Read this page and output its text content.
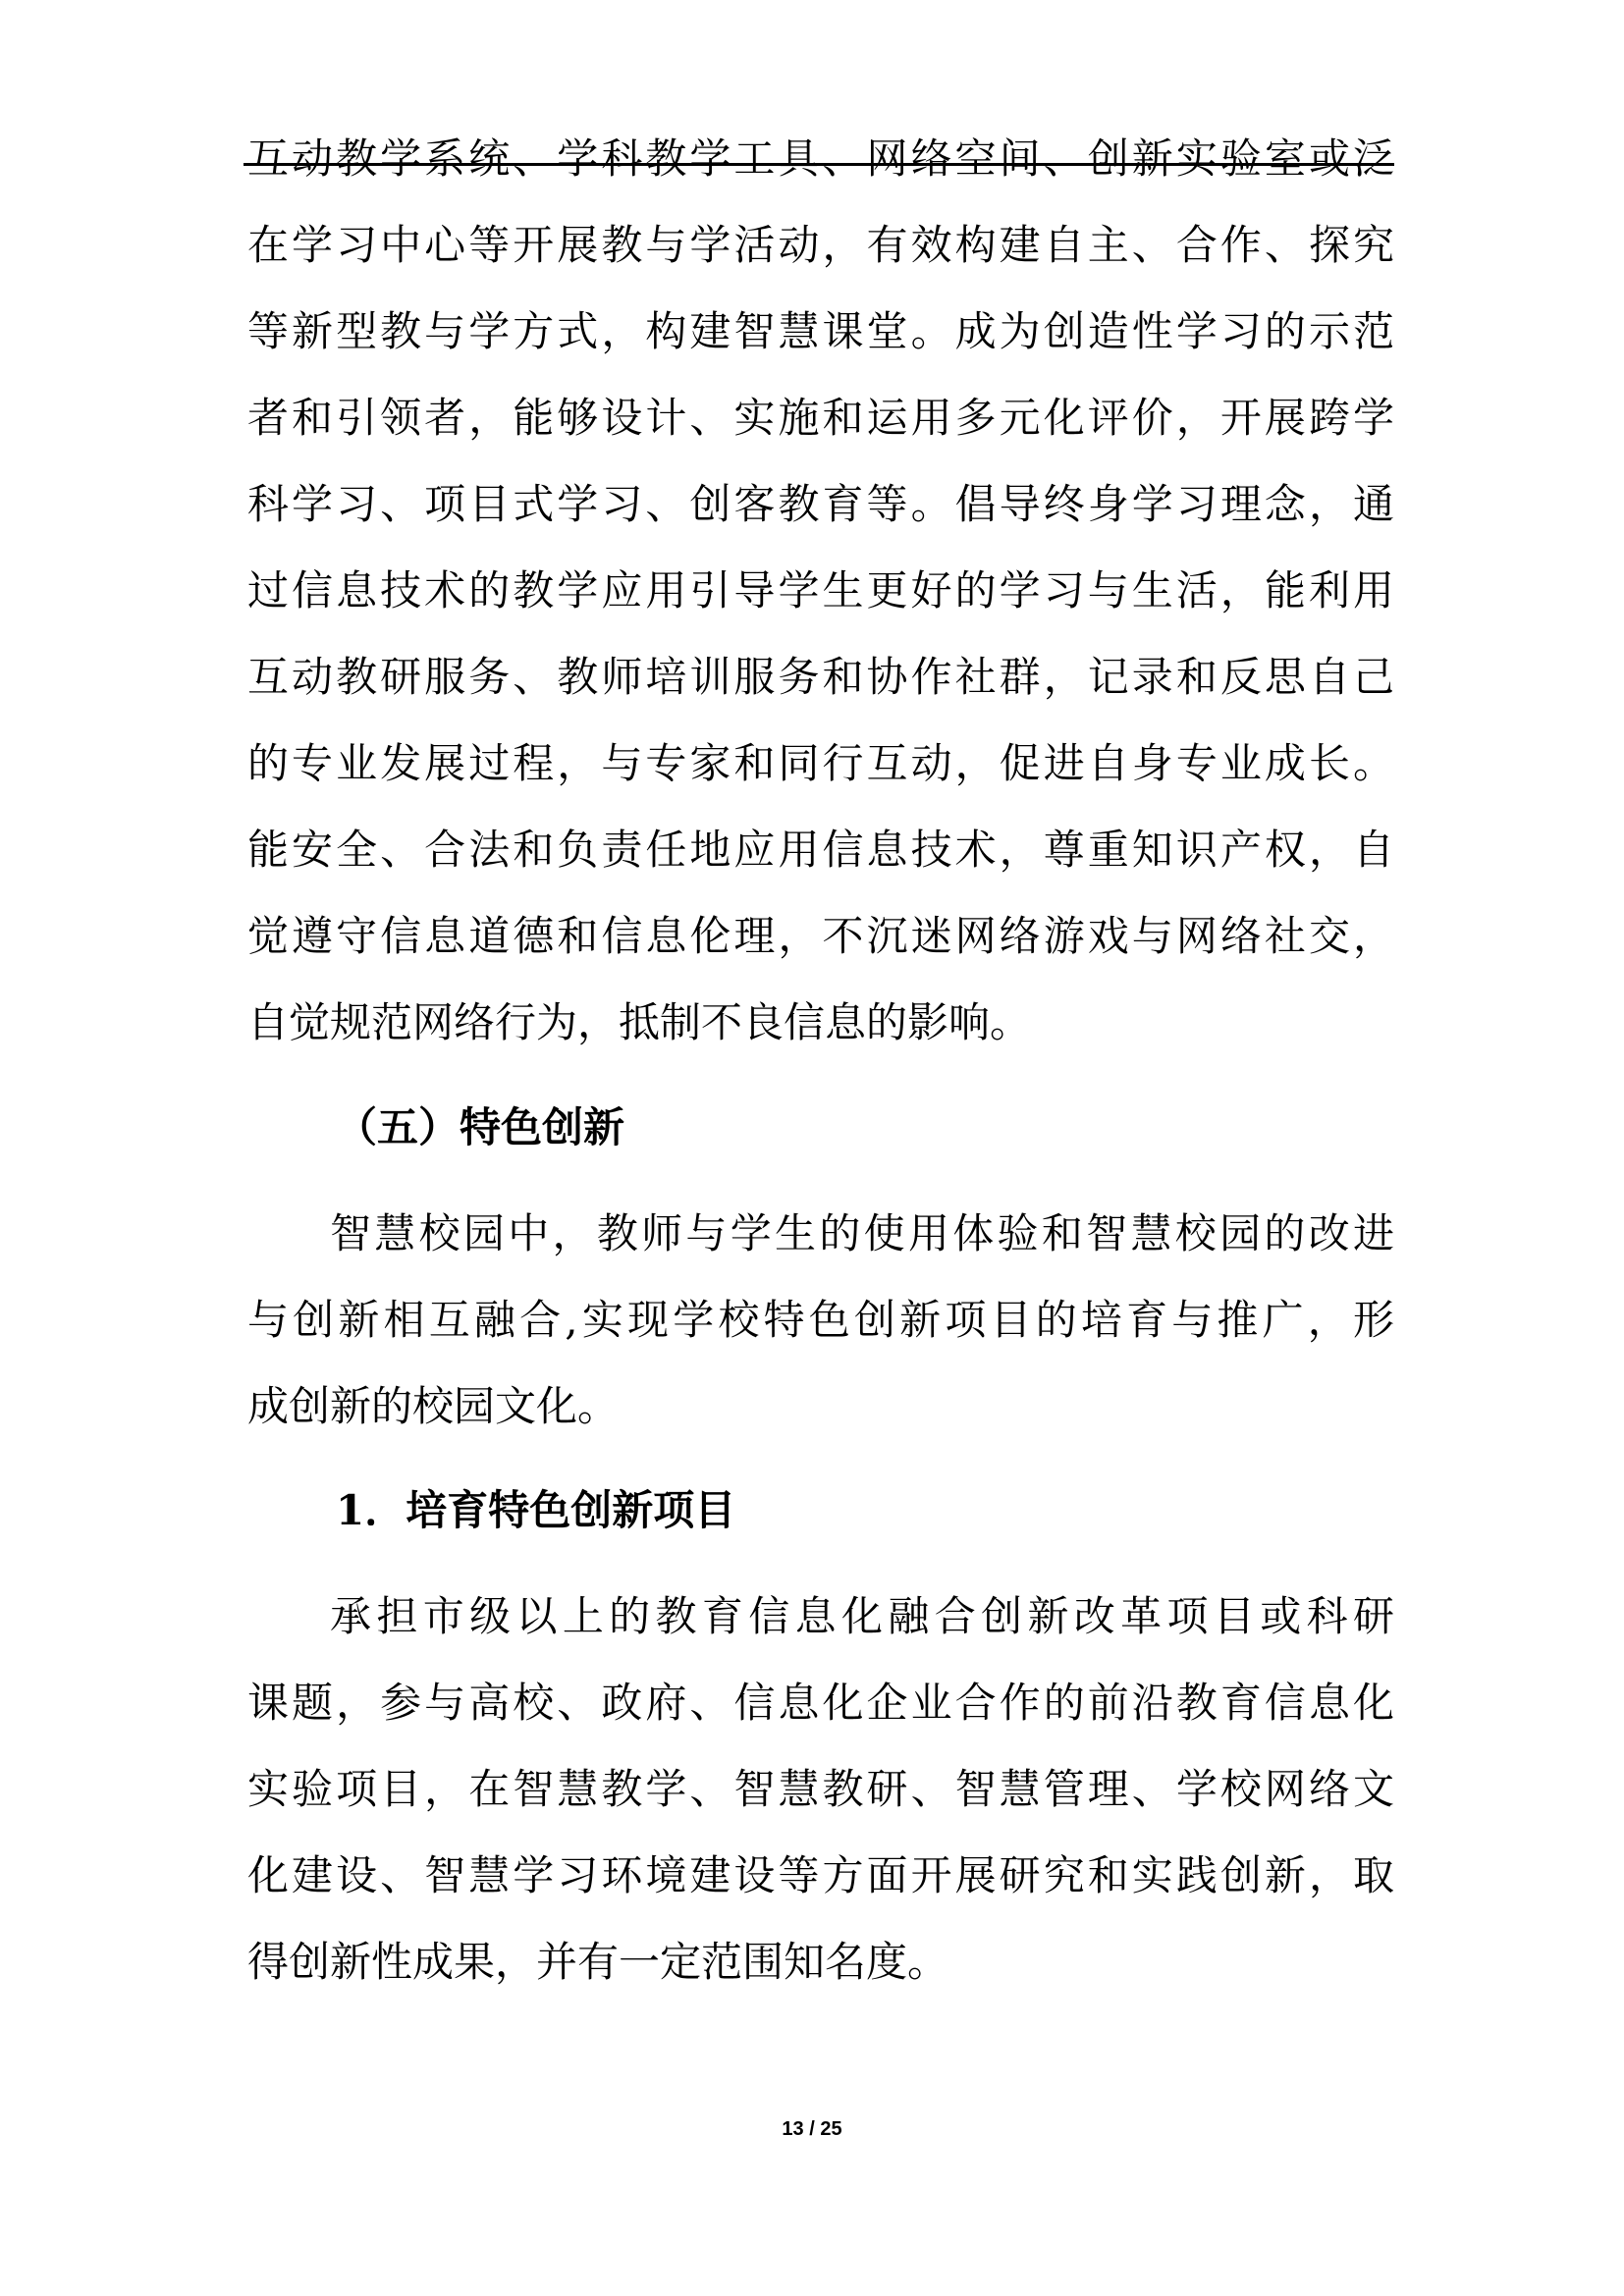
互动教学系统、学科教学工具、网络空间、创新实验室或泛
在学习中心等开展教与学活动，有效构建自主、合作、探究
等新型教与学方式，构建智慧课堂。成为创造性学习的示范
者和引领者，能够设计、实施和运用多元化评价，开展跨学
科学习、项目式学习、创客教育等。倡导终身学习理念，通
过信息技术的教学应用引导学生更好的学习与生活，能利用
互动教研服务、教师培训服务和协作社群，记录和反思自己
的专业发展过程，与专家和同行互动，促进自身专业成长。
能安全、合法和负责任地应用信息技术，尊重知识产权，自
觉遵守信息道德和信息伦理，不沉迷网络游戏与网络社交，
自觉规范网络行为，抵制不良信息的影响。
（五）特色创新
智慧校园中，教师与学生的使用体验和智慧校园的改进
与创新相互融合,实现学校特色创新项目的培育与推广，形
成创新的校园文化。
1．培育特色创新项目
承担市级以上的教育信息化融合创新改革项目或科研
课题，参与高校、政府、信息化企业合作的前沿教育信息化
实验项目，在智慧教学、智慧教研、智慧管理、学校网络文
化建设、智慧学习环境建设等方面开展研究和实践创新，取
得创新性成果，并有一定范围知名度。
13 / 25
